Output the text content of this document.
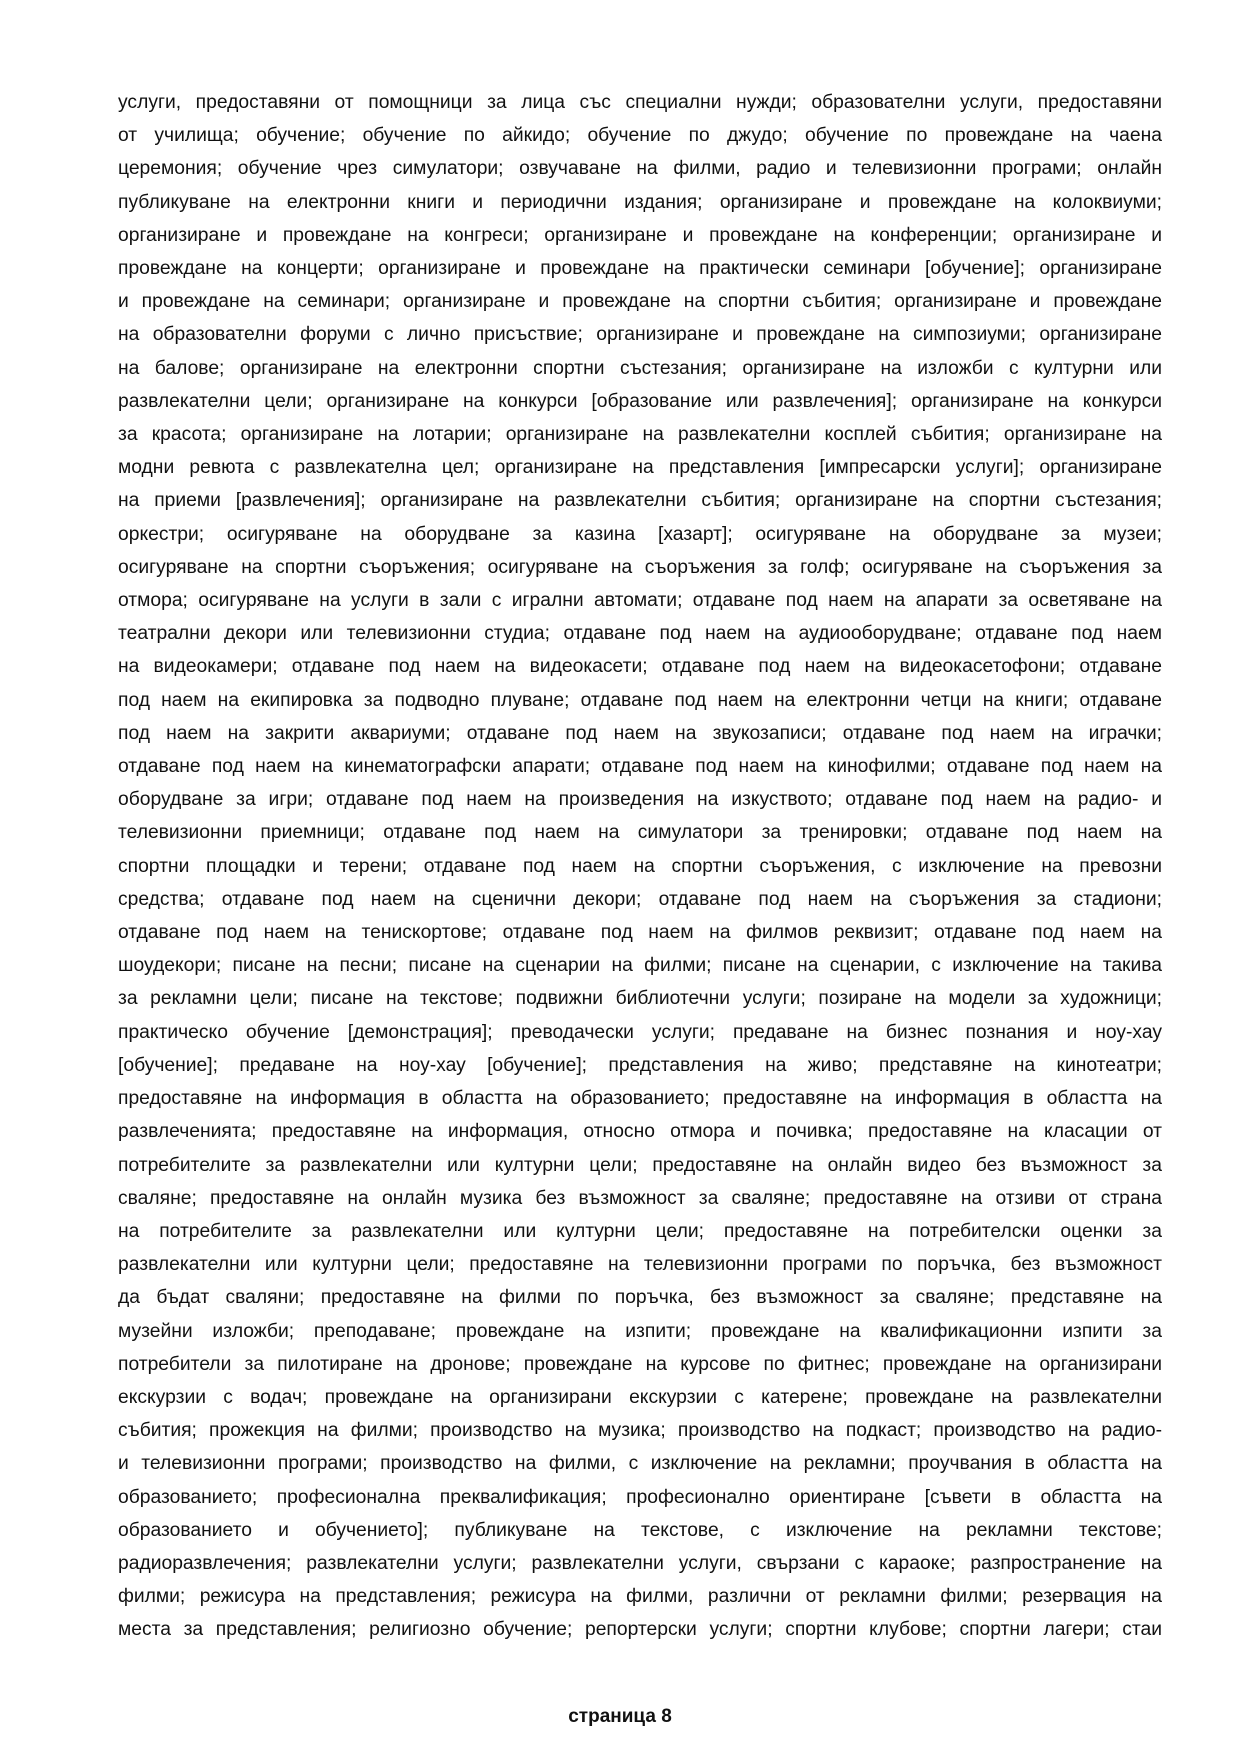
услуги, предоставяни от помощници за лица със специални нужди; образователни услуги, предоставяни
от училища; обучение; обучение по айкидо; обучение по джудо; обучение по провеждане на чаена
церемония; обучение чрез симулатори; озвучаване на филми, радио и телевизионни програми; онлайн
публикуване на електронни книги и периодични издания; организиране и провеждане на колоквиуми;
организиране и провеждане на конгреси; организиране и провеждане на конференции; организиране и
провеждане на концерти; организиране и провеждане на практически семинари [обучение]; организиране
и провеждане на семинари; организиране и провеждане на спортни събития; организиране и провеждане
на образователни форуми с лично присъствие; организиране и провеждане на симпозиуми; организиране
на балове; организиране на електронни спортни състезания; организиране на изложби с културни или
развлекателни цели; организиране на конкурси [образование или развлечения]; организиране на конкурси
за красота; организиране на лотарии; организиране на развлекателни косплей събития; организиране на
модни ревюта с развлекателна цел; организиране на представления [импресарски услуги]; организиране
на приеми [развлечения]; организиране на развлекателни събития; организиране на спортни състезания;
оркестри; осигуряване на оборудване за казина [хазарт]; осигуряване на оборудване за музеи;
осигуряване на спортни съоръжения; осигуряване на съоръжения за голф; осигуряване на съоръжения за
отмора; осигуряване на услуги в зали с игрални автомати; отдаване под наем на апарати за осветяване на
театрални декори или телевизионни студиа; отдаване под наем на аудиооборудване; отдаване под наем
на видеокамери; отдаване под наем на видеокасети; отдаване под наем на видеокасетофони; отдаване
под наем на екипировка за подводно плуване; отдаване под наем на електронни четци на книги; отдаване
под наем на закрити аквариуми; отдаване под наем на звукозаписи; отдаване под наем на играчки;
отдаване под наем на кинематографски апарати; отдаване под наем на кинофилми; отдаване под наем на
оборудване за игри; отдаване под наем на произведения на изкуството; отдаване под наем на радио- и
телевизионни приемници; отдаване под наем на симулатори за тренировки; отдаване под наем на
спортни площадки и терени; отдаване под наем на спортни съоръжения, с изключение на превозни
средства; отдаване под наем на сценични декори; отдаване под наем на съоръжения за стадиони;
отдаване под наем на тенискортове; отдаване под наем на филмов реквизит; отдаване под наем на
шоудекори; писане на песни; писане на сценарии на филми; писане на сценарии, с изключение на такива
за рекламни цели; писане на текстове; подвижни библиотечни услуги; позиране на модели за художници;
практическо обучение [демонстрация]; преводачески услуги; предаване на бизнес познания и ноу-хау
[обучение]; предаване на ноу-хау [обучение]; представления на живо; представяне на кинотеатри;
предоставяне на информация в областта на образованието; предоставяне на информация в областта на
развлеченията; предоставяне на информация, относно отмора и почивка; предоставяне на класации от
потребителите за развлекателни или културни цели; предоставяне на онлайн видео без възможност за
сваляне; предоставяне на онлайн музика без възможност за сваляне; предоставяне на отзиви от страна
на потребителите за развлекателни или културни цели; предоставяне на потребителски оценки за
развлекателни или културни цели; предоставяне на телевизионни програми по поръчка, без възможност
да бъдат сваляни; предоставяне на филми по поръчка, без възможност за сваляне; представяне на
музейни изложби; преподаване; провеждане на изпити; провеждане на квалификационни изпити за
потребители за пилотиране на дронове; провеждане на курсове по фитнес; провеждане на организирани
екскурзии с водач; провеждане на организирани екскурзии с катерене; провеждане на развлекателни
събития; прожекция на филми; производство на музика; производство на подкаст; производство на радио-
и телевизионни програми; производство на филми, с изключение на рекламни; проучвания в областта на
образованието; професионална преквалификация; професионално ориентиране [съвети в областта на
образованието и обучението]; публикуване на текстове, с изключение на рекламни текстове;
радиоразвлечения; развлекателни услуги; развлекателни услуги, свързани с караоке; разпространение на
филми; режисура на представления; режисура на филми, различни от рекламни филми; резервация на
места за представления; религиозно обучение; репортерски услуги; спортни клубове; спортни лагери; стаи

страница 8
